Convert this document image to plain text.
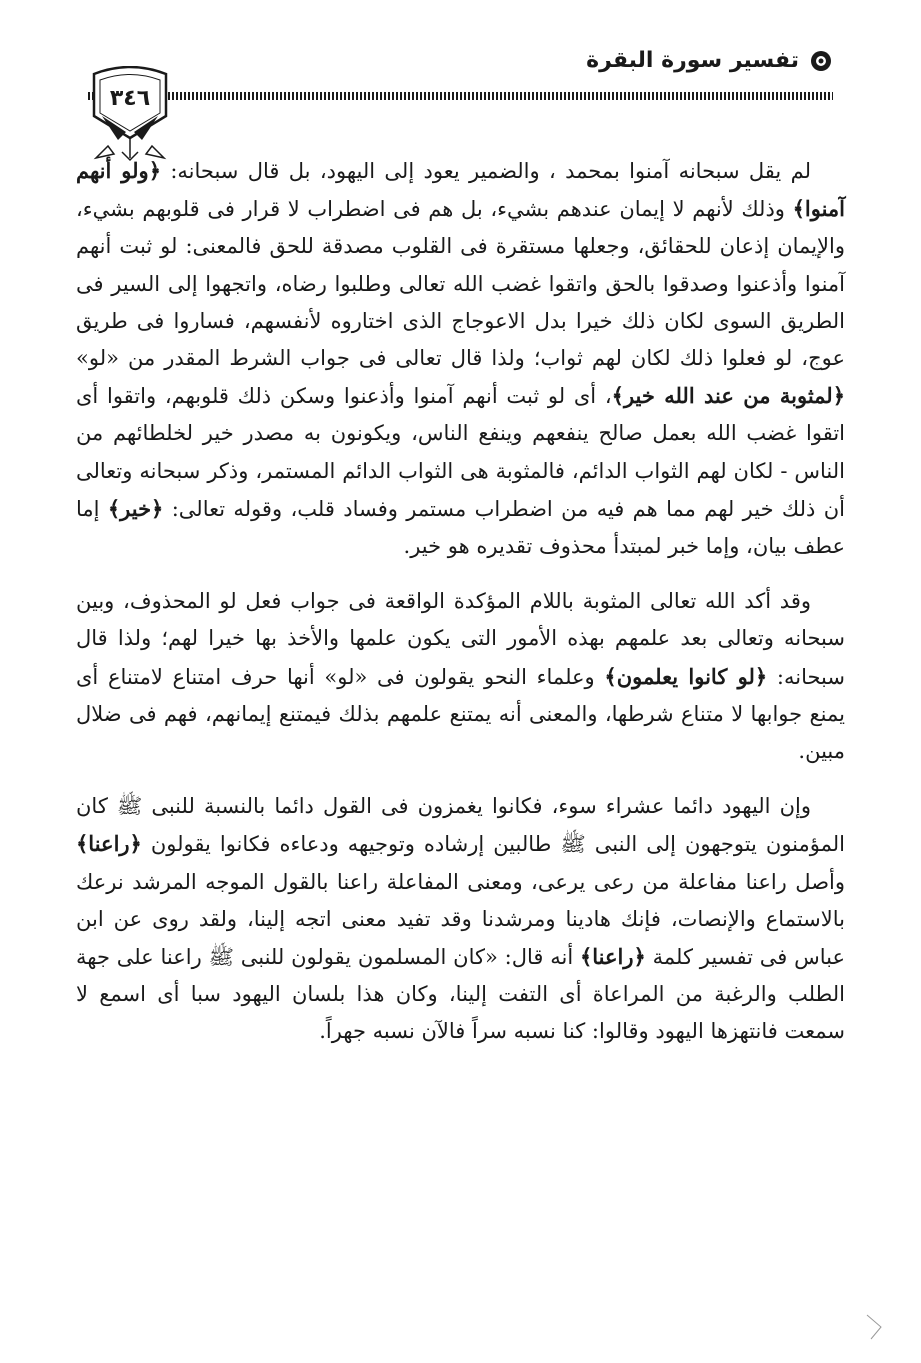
تفسير سورة البقرة
٣٤٦

لم يقل سبحانه آمنوا بمحمد ، والضمير يعود إلى اليهود، بل قال سبحانه: ﴿ولو أنهم آمنوا﴾ وذلك لأنهم لا إيمان عندهم بشيء، بل هم فى اضطراب لا قرار فى قلوبهم بشيء، والإيمان إذعان للحقائق، وجعلها مستقرة فى القلوب مصدقة للحق فالمعنى: لو ثبت أنهم آمنوا وأذعنوا وصدقوا بالحق واتقوا غضب الله تعالى وطلبوا رضاه، واتجهوا إلى السير فى الطريق السوى لكان ذلك خيرا بدل الاعوجاج الذى اختاروه لأنفسهم، فساروا فى طريق عوج، لو فعلوا ذلك لكان لهم ثواب؛ ولذا قال تعالى فى جواب الشرط المقدر من «لو» ﴿لمثوبة من عند الله خير﴾، أى لو ثبت أنهم آمنوا وأذعنوا وسكن ذلك قلوبهم، واتقوا أى اتقوا غضب الله بعمل صالح ينفعهم وينفع الناس، ويكونون به مصدر خير لخلطائهم من الناس - لكان لهم الثواب الدائم، فالمثوبة هى الثواب الدائم المستمر، وذكر سبحانه وتعالى أن ذلك خير لهم مما هم فيه من اضطراب مستمر وفساد قلب، وقوله تعالى: ﴿خير﴾ إما عطف بيان، وإما خبر لمبتدأ محذوف تقديره هو خير.

وقد أكد الله تعالى المثوبة باللام المؤكدة الواقعة فى جواب فعل لو المحذوف، وبين سبحانه وتعالى بعد علمهم بهذه الأمور التى يكون علمها والأخذ بها خيرا لهم؛ ولذا قال سبحانه: ﴿لو كانوا يعلمون﴾ وعلماء النحو يقولون فى «لو» أنها حرف امتناع لامتناع أى يمنع جوابها لا متناع شرطها، والمعنى أنه يمتنع علمهم بذلك فيمتنع إيمانهم، فهم فى ضلال مبين.

وإن اليهود دائما عشراء سوء، فكانوا يغمزون فى القول دائما بالنسبة للنبى ﷺ كان المؤمنون يتوجهون إلى النبى ﷺ طالبين إرشاده وتوجيهه ودعاءه فكانوا يقولون ﴿راعنا﴾ وأصل راعنا مفاعلة من رعى يرعى، ومعنى المفاعلة راعنا بالقول الموجه المرشد نرعك بالاستماع والإنصات، فإنك هادينا ومرشدنا وقد تفيد معنى اتجه إلينا، ولقد روى عن ابن عباس فى تفسير كلمة ﴿راعنا﴾ أنه قال: «كان المسلمون يقولون للنبى ﷺ راعنا على جهة الطلب والرغبة من المراعاة أى التفت إلينا، وكان هذا بلسان اليهود سبا أى اسمع لا سمعت فانتهزها اليهود وقالوا: كنا نسبه سراً فالآن نسبه جهراً.
